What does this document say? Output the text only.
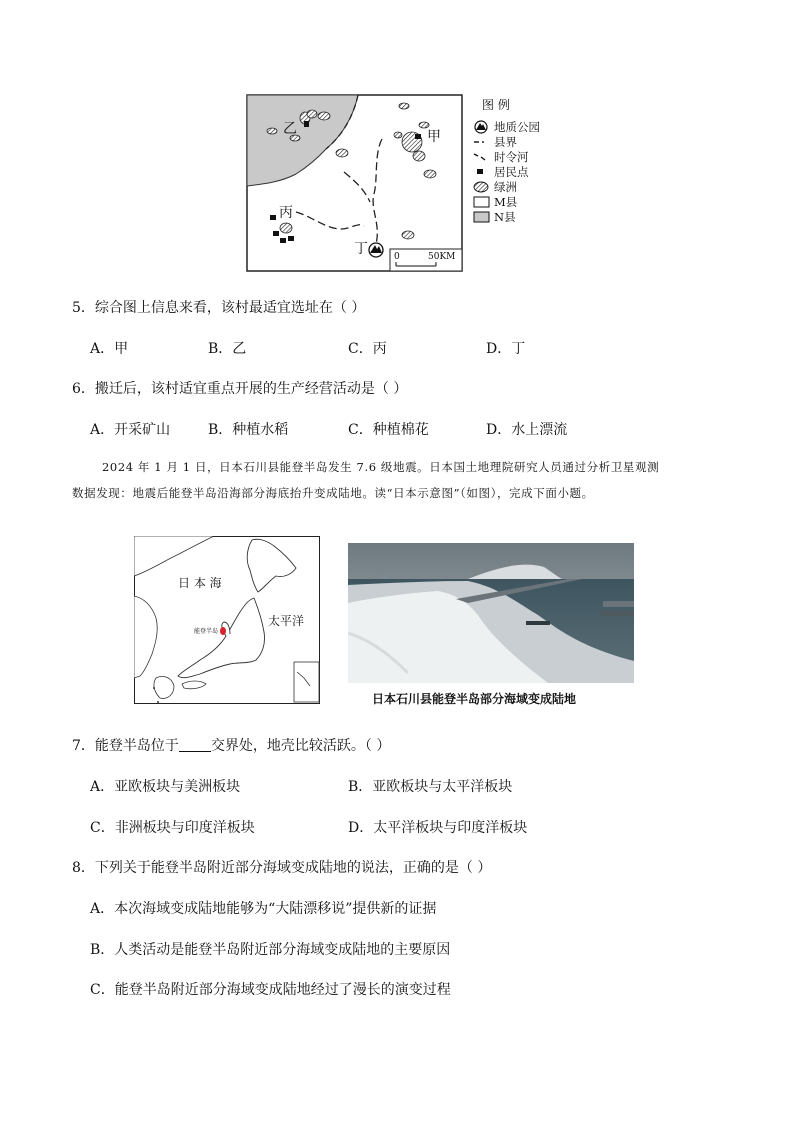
乙	甲
丙
丁	0	50KM
图 例
地质公园
县界
时令河
居民点
绿洲
M县
N县
5．综合图上信息来看，该村最适宜选址在（ ）
A．甲	B．乙	C．丙	D．丁
6．搬迁后，该村适宜重点开展的生产经营活动是（ ）
A．开采矿山	B．种植水稻	C．种植棉花	D．水上漂流
2024 年 1 月 1 日，日本石川县能登半岛发生 7.6 级地震。日本国土地理院研究人员通过分析卫星观测
数据发现：地震后能登半岛沿海部分海底抬升变成陆地。读“日本示意图”（如图），完成下面小题。
日 本 海
太平洋
能登半岛
日本石川县能登半岛部分海域变成陆地
7．能登半岛位于 交界处，地壳比较活跃。（ ）
A．亚欧板块与美洲板块	B．亚欧板块与太平洋板块
C．非洲板块与印度洋板块	D．太平洋板块与印度洋板块
8．下列关于能登半岛附近部分海域变成陆地的说法，正确的是（ ）
A．本次海域变成陆地能够为“大陆漂移说”提供新的证据
B．人类活动是能登半岛附近部分海域变成陆地的主要原因
C．能登半岛附近部分海域变成陆地经过了漫长的演变过程
